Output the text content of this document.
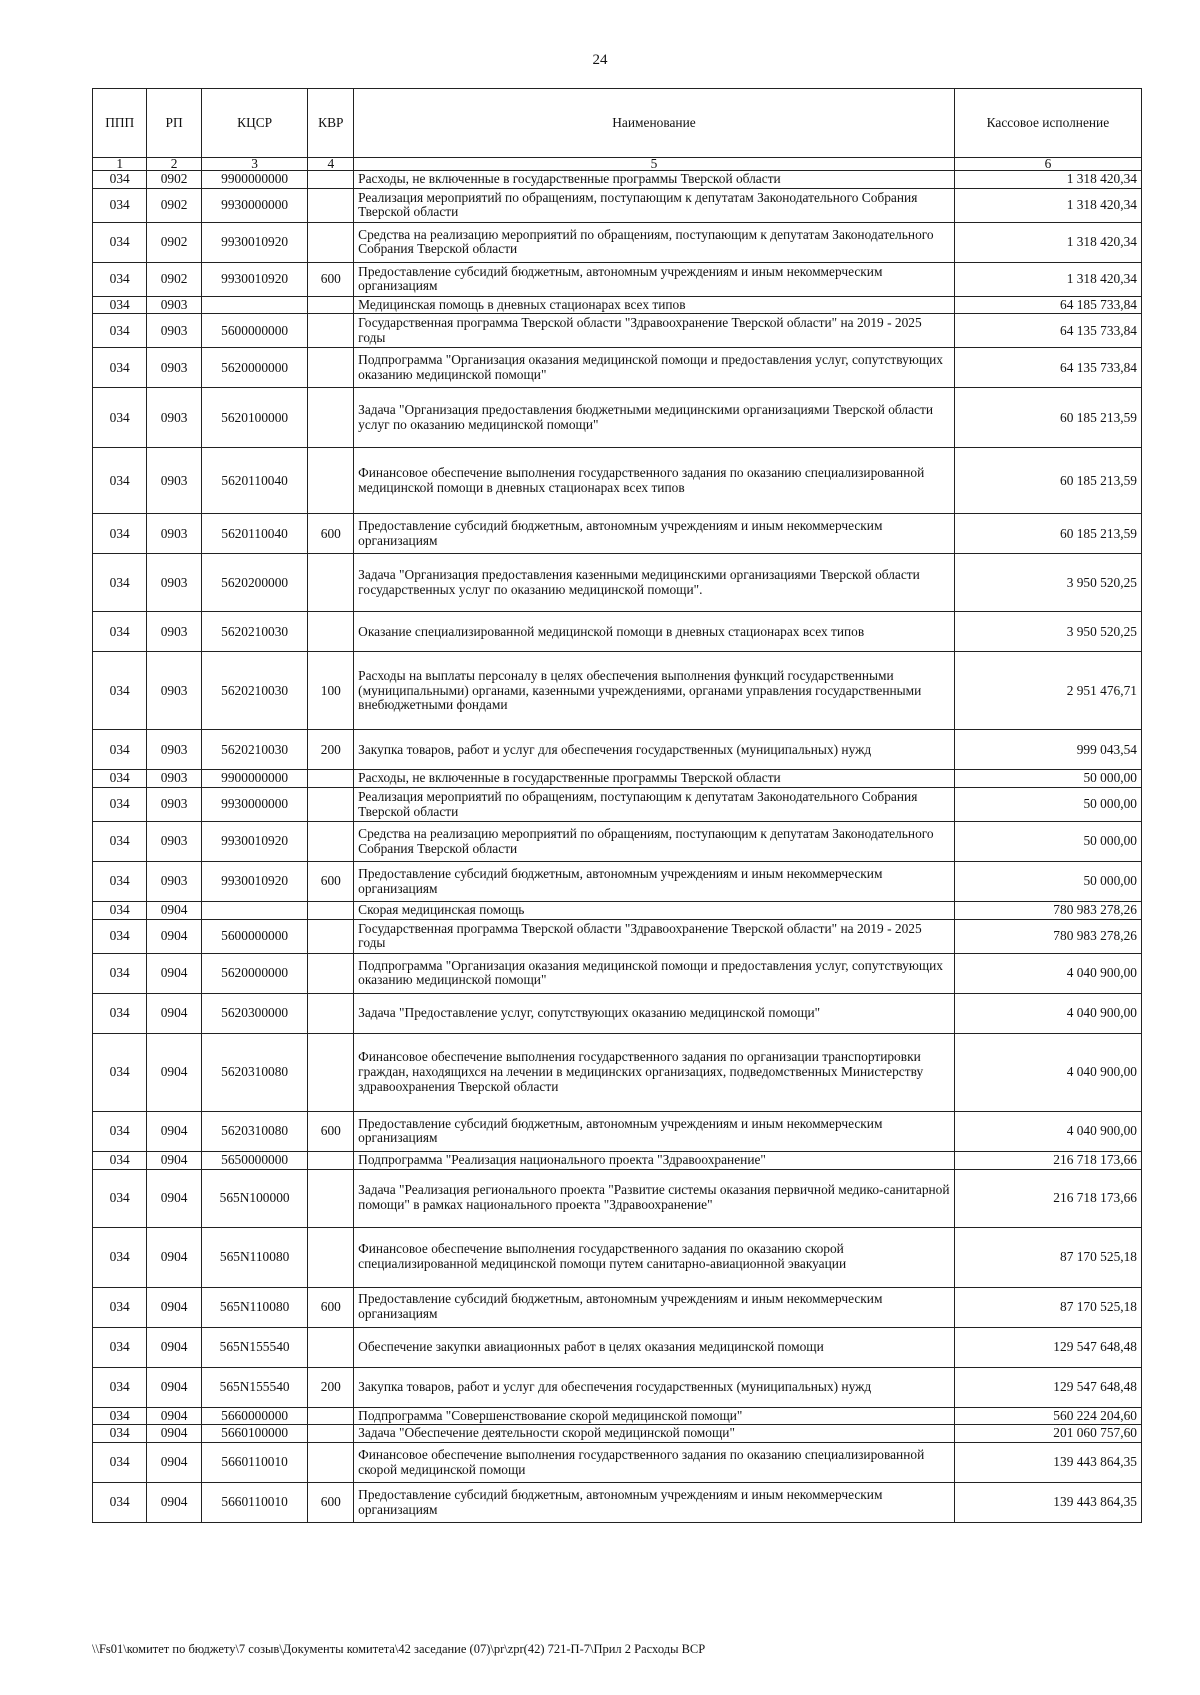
24
ППП	РП	КЦСР	КВР	Наименование	Кассовое исполнение
1	2	3	4	5	6
034	0902	9900000000		Расходы, не включенные в государственные программы Тверской области	1 318 420,34
034	0902	9930000000		Реализация мероприятий по обращениям, поступающим к депутатам Законодательного Собрания Тверской области	1 318 420,34
034	0902	9930010920		Средства на реализацию мероприятий по обращениям, поступающим к депутатам Законодательного Собрания Тверской области	1 318 420,34
034	0902	9930010920	600	Предоставление субсидий бюджетным, автономным учреждениям и иным некоммерческим организациям	1 318 420,34
034	0903			Медицинская помощь в дневных стационарах всех типов	64 185 733,84
034	0903	5600000000		Государственная программа Тверской области "Здравоохранение Тверской области" на 2019 - 2025 годы	64 135 733,84
034	0903	5620000000		Подпрограмма "Организация оказания медицинской помощи и предоставления услуг, сопутствующих оказанию медицинской помощи"	64 135 733,84
034	0903	5620100000		Задача "Организация предоставления бюджетными медицинскими организациями Тверской области услуг по оказанию медицинской помощи"	60 185 213,59
034	0903	5620110040		Финансовое обеспечение выполнения государственного задания по оказанию специализированной медицинской помощи в дневных стационарах всех типов	60 185 213,59
034	0903	5620110040	600	Предоставление субсидий бюджетным, автономным учреждениям и иным некоммерческим организациям	60 185 213,59
034	0903	5620200000		Задача "Организация предоставления казенными медицинскими организациями Тверской области государственных услуг по оказанию медицинской помощи".	3 950 520,25
034	0903	5620210030		Оказание специализированной медицинской помощи в дневных стационарах всех типов	3 950 520,25
034	0903	5620210030	100	Расходы на выплаты персоналу в целях обеспечения выполнения функций государственными (муниципальными) органами, казенными учреждениями, органами управления государственными внебюджетными фондами	2 951 476,71
034	0903	5620210030	200	Закупка товаров, работ и услуг для обеспечения государственных (муниципальных) нужд	999 043,54
034	0903	9900000000		Расходы, не включенные в государственные программы Тверской области	50 000,00
034	0903	9930000000		Реализация мероприятий по обращениям, поступающим к депутатам Законодательного Собрания Тверской области	50 000,00
034	0903	9930010920		Средства на реализацию мероприятий по обращениям, поступающим к депутатам Законодательного Собрания Тверской области	50 000,00
034	0903	9930010920	600	Предоставление субсидий бюджетным, автономным учреждениям и иным некоммерческим организациям	50 000,00
034	0904			Скорая медицинская помощь	780 983 278,26
034	0904	5600000000		Государственная программа Тверской области "Здравоохранение Тверской области" на 2019 - 2025 годы	780 983 278,26
034	0904	5620000000		Подпрограмма "Организация оказания медицинской помощи и предоставления услуг, сопутствующих оказанию медицинской помощи"	4 040 900,00
034	0904	5620300000		Задача "Предоставление услуг, сопутствующих оказанию медицинской помощи"	4 040 900,00
034	0904	5620310080		Финансовое обеспечение выполнения государственного задания по организации транспортировки граждан, находящихся на лечении в медицинских организациях, подведомственных Министерству здравоохранения Тверской области	4 040 900,00
034	0904	5620310080	600	Предоставление субсидий бюджетным, автономным учреждениям и иным некоммерческим организациям	4 040 900,00
034	0904	5650000000		Подпрограмма "Реализация национального проекта "Здравоохранение"	216 718 173,66
034	0904	565N100000		Задача "Реализация регионального проекта "Развитие системы оказания первичной медико-санитарной помощи" в рамках национального проекта "Здравоохранение"	216 718 173,66
034	0904	565N110080		Финансовое обеспечение выполнения государственного задания по оказанию скорой специализированной медицинской помощи путем санитарно-авиационной эвакуации	87 170 525,18
034	0904	565N110080	600	Предоставление субсидий бюджетным, автономным учреждениям и иным некоммерческим организациям	87 170 525,18
034	0904	565N155540		Обеспечение закупки авиационных работ в целях оказания медицинской помощи	129 547 648,48
034	0904	565N155540	200	Закупка товаров, работ и услуг для обеспечения государственных (муниципальных) нужд	129 547 648,48
034	0904	5660000000		Подпрограмма "Совершенствование скорой медицинской помощи"	560 224 204,60
034	0904	5660100000		Задача "Обеспечение деятельности скорой медицинской помощи"	201 060 757,60
034	0904	5660110010		Финансовое обеспечение выполнения государственного задания по оказанию специализированной скорой медицинской помощи	139 443 864,35
034	0904	5660110010	600	Предоставление субсидий бюджетным, автономным учреждениям и иным некоммерческим организациям	139 443 864,35
\\Fs01\комитет по бюджету\7 созыв\Документы комитета\42 заседание (07)\pr\zpr(42) 721-П-7\Прил 2 Расходы ВСР
